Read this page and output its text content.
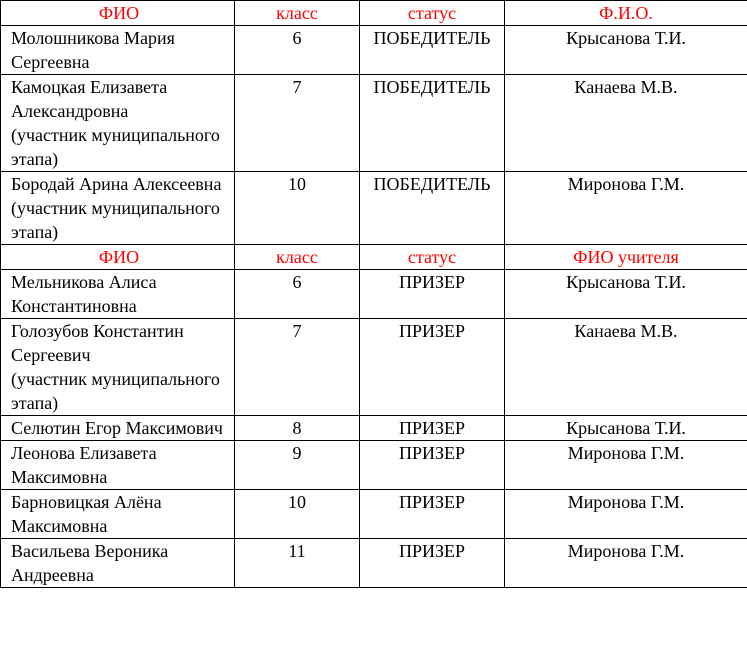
ФИО	класс	статус	Ф.И.О.
Молошникова Мария Сергеевна	6	ПОБЕДИТЕЛЬ	Крысанова Т.И.
Камоцкая Елизавета Александровна
(участник муниципального этапа)	7	ПОБЕДИТЕЛЬ	Канаева М.В.
Бородай Арина Алексеевна
(участник муниципального этапа)	10	ПОБЕДИТЕЛЬ	Миронова Г.М.
ФИО	класс	статус	ФИО учителя
Мельникова Алиса Константиновна	6	ПРИЗЕР	Крысанова Т.И.
Голозубов Константин Сергеевич
(участник муниципального этапа)	7	ПРИЗЕР	Канаева М.В.
Селютин Егор Максимович	8	ПРИЗЕР	Крысанова Т.И.
Леонова Елизавета Максимовна	9	ПРИЗЕР	Миронова Г.М.
Барновицкая Алёна Максимовна	10	ПРИЗЕР	Миронова Г.М.
Васильева Вероника Андреевна	11	ПРИЗЕР	Миронова Г.М.
